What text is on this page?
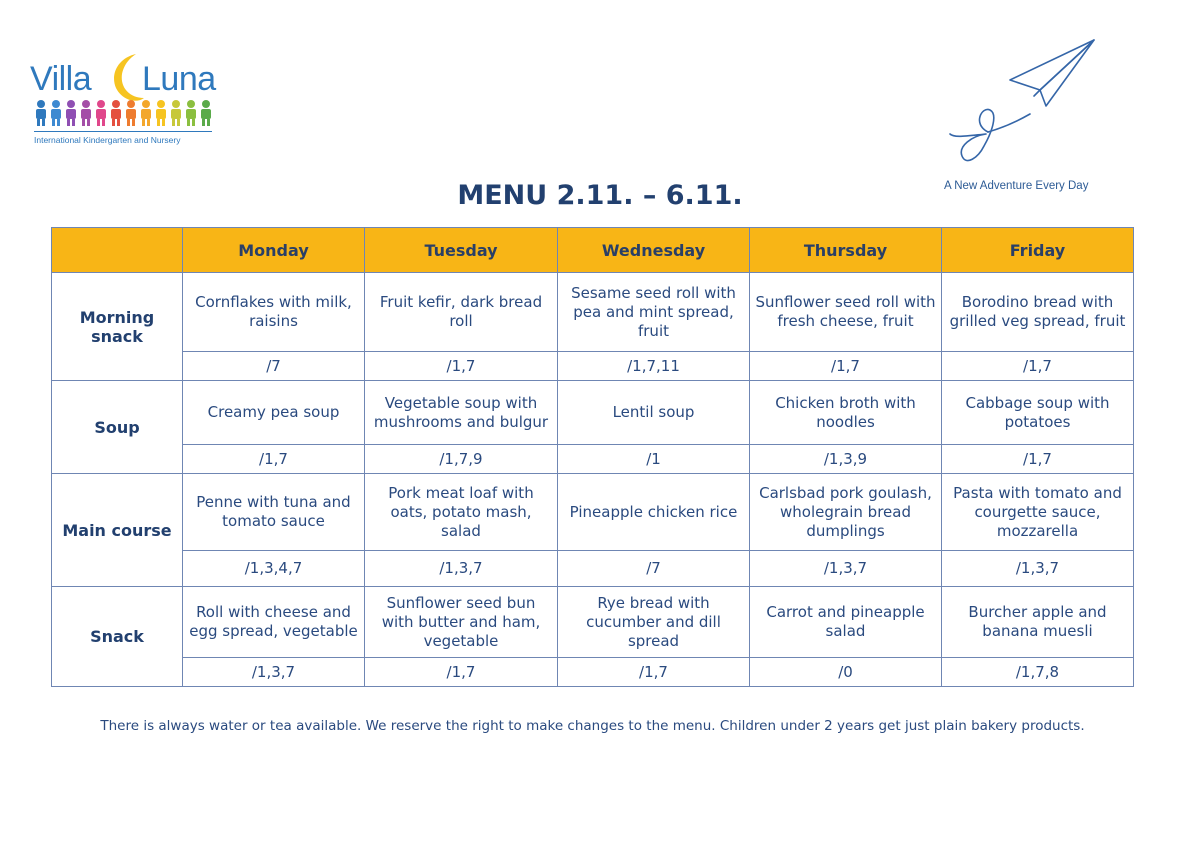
Villa Luna
International Kindergarten and Nursery
A New Adventure Every Day
MENU 2.11. – 6.11.
	Monday	Tuesday	Wednesday	Thursday	Friday
Morning snack	Cornflakes with milk, raisins	Fruit kefir, dark bread roll	Sesame seed roll with pea and mint spread, fruit	Sunflower seed roll with fresh cheese, fruit	Borodino bread with grilled veg spread, fruit
	/7	/1,7	/1,7,11	/1,7	/1,7
Soup	Creamy pea soup	Vegetable soup with mushrooms and bulgur	Lentil soup	Chicken broth with noodles	Cabbage soup with potatoes
	/1,7	/1,7,9	/1	/1,3,9	/1,7
Main course	Penne with tuna and tomato sauce	Pork meat loaf with oats, potato mash, salad	Pineapple chicken rice	Carlsbad pork goulash, wholegrain bread dumplings	Pasta with tomato and courgette sauce, mozzarella
	/1,3,4,7	/1,3,7	/7	/1,3,7	/1,3,7
Snack	Roll with cheese and egg spread, vegetable	Sunflower seed bun with butter and ham, vegetable	Rye bread with cucumber and dill spread	Carrot and pineapple salad	Burcher apple and banana muesli
	/1,3,7	/1,7	/1,7	/0	/1,7,8
There is always water or tea available. We reserve the right to make changes to the menu. Children under 2 years get just plain bakery products.
